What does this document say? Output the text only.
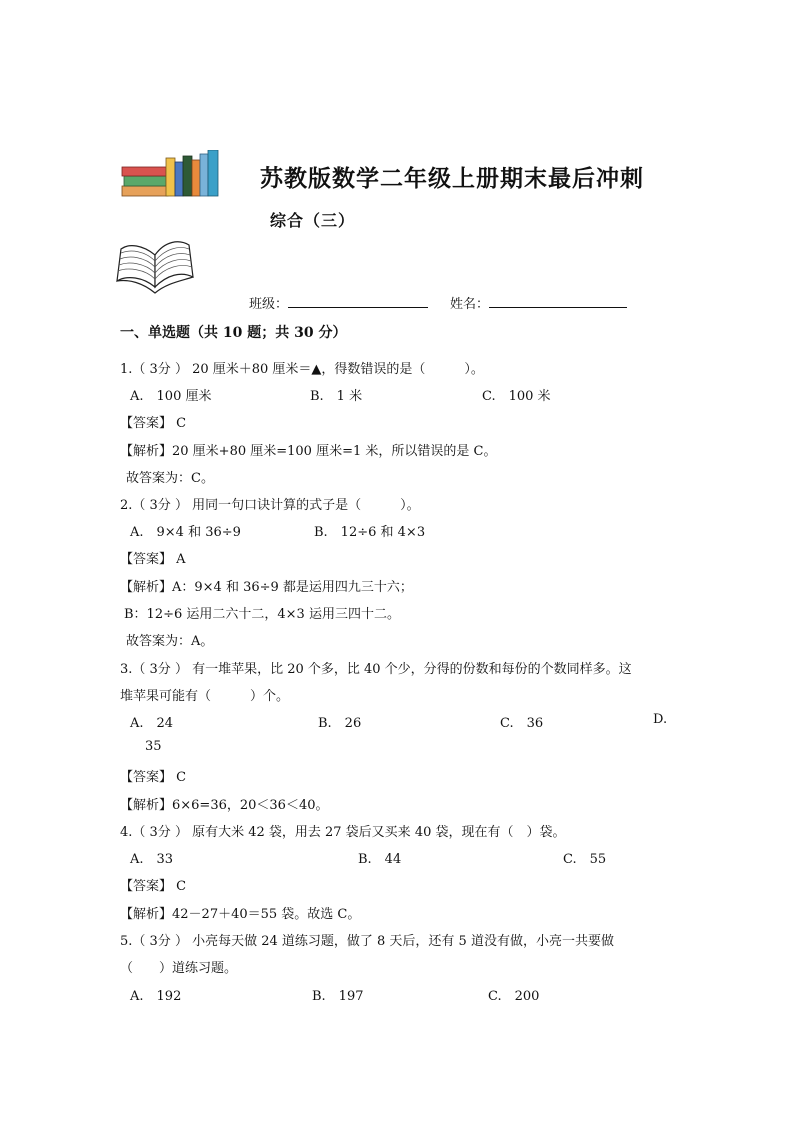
苏教版数学二年级上册期末最后冲刺
综合（三）
班级：	姓名：
一、单选题（共 10 题；共 30 分）
1.（ 3分 ） 20 厘米＋80 厘米＝▲，得数错误的是（　　　）。
A.　100 厘米	B.　1 米	C.　100 米
【答案】 C
【解析】20 厘米+80 厘米=100 厘米=1 米，所以错误的是 C。
故答案为：C。
2.（ 3分 ） 用同一句口诀计算的式子是（　　　）。
A.　9×4 和 36÷9	B.　12÷6 和 4×3
【答案】 A
【解析】A：9×4 和 36÷9 都是运用四九三十六；
B：12÷6 运用二六十二，4×3 运用三四十二。
故答案为：A。
3.（ 3分 ） 有一堆苹果，比 20 个多，比 40 个少，分得的份数和每份的个数同样多。这
堆苹果可能有（　　　）个。
A.　24	B.　26	C.　36	D.
35
【答案】 C
【解析】6×6=36，20＜36＜40。
4.（ 3分 ） 原有大米 42 袋，用去 27 袋后又买来 40 袋，现在有（　）袋。
A.　33	B.　44	C.　55
【答案】 C
【解析】42－27＋40＝55 袋。故选 C。
5.（ 3分 ） 小亮每天做 24 道练习题，做了 8 天后，还有 5 道没有做，小亮一共要做
（　　）道练习题。
A.　192	B.　197	C.　200
